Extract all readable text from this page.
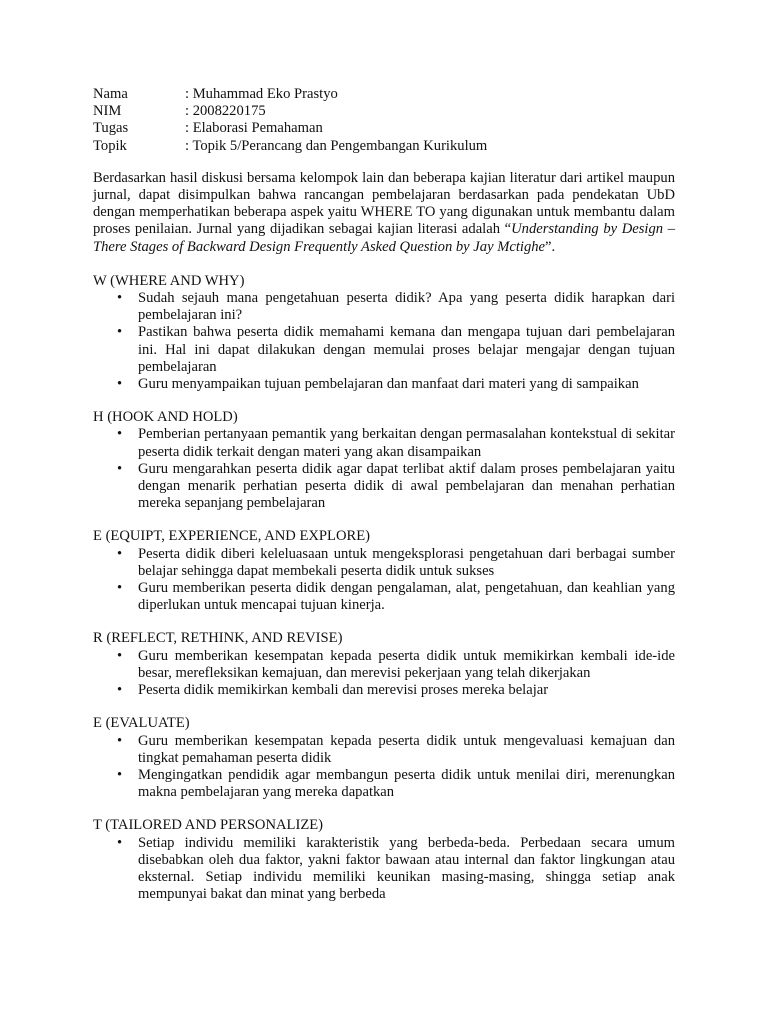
Nama	: Muhammad Eko Prastyo
NIM	: 2008220175
Tugas	: Elaborasi Pemahaman
Topik	: Topik 5/Perancang dan Pengembangan Kurikulum

Berdasarkan hasil diskusi bersama kelompok lain dan beberapa kajian literatur dari artikel maupun jurnal, dapat disimpulkan bahwa rancangan pembelajaran berdasarkan pada pendekatan UbD dengan memperhatikan beberapa aspek yaitu WHERE TO yang digunakan untuk membantu dalam proses penilaian. Jurnal yang dijadikan sebagai kajian literasi adalah “Understanding by Design – There Stages of Backward Design Frequently Asked Question by Jay Mctighe”.

W (WHERE AND WHY)

• Sudah sejauh mana pengetahuan peserta didik? Apa yang peserta didik harapkan dari pembelajaran ini?
• Pastikan bahwa peserta didik memahami kemana dan mengapa tujuan dari pembelajaran ini. Hal ini dapat dilakukan dengan memulai proses belajar mengajar dengan tujuan pembelajaran
• Guru menyampaikan tujuan pembelajaran dan manfaat dari materi yang di sampaikan

H (HOOK AND HOLD)

• Pemberian pertanyaan pemantik yang berkaitan dengan permasalahan kontekstual di sekitar peserta didik terkait dengan materi yang akan disampaikan
• Guru mengarahkan peserta didik agar dapat terlibat aktif dalam proses pembelajaran yaitu dengan menarik perhatian peserta didik di awal pembelajaran dan menahan perhatian mereka sepanjang pembelajaran

E (EQUIPT, EXPERIENCE, AND EXPLORE)

• Peserta didik diberi keleluasaan untuk mengeksplorasi pengetahuan dari berbagai sumber belajar sehingga dapat membekali peserta didik untuk sukses
• Guru memberikan peserta didik dengan pengalaman, alat, pengetahuan, dan keahlian yang diperlukan untuk mencapai tujuan kinerja.

R (REFLECT, RETHINK, AND REVISE)

• Guru memberikan kesempatan kepada peserta didik untuk memikirkan kembali ide-ide besar, merefleksikan kemajuan, dan merevisi pekerjaan yang telah dikerjakan
• Peserta didik memikirkan kembali dan merevisi proses mereka belajar

E (EVALUATE)

• Guru memberikan kesempatan kepada peserta didik untuk mengevaluasi kemajuan dan tingkat pemahaman peserta didik
• Mengingatkan pendidik agar membangun peserta didik untuk menilai diri, merenungkan makna pembelajaran yang mereka dapatkan

T (TAILORED AND PERSONALIZE)

• Setiap individu memiliki karakteristik yang berbeda-beda. Perbedaan secara umum disebabkan oleh dua faktor, yakni faktor bawaan atau internal dan faktor lingkungan atau eksternal. Setiap individu memiliki keunikan masing-masing, shingga setiap anak mempunyai bakat dan minat yang berbeda
